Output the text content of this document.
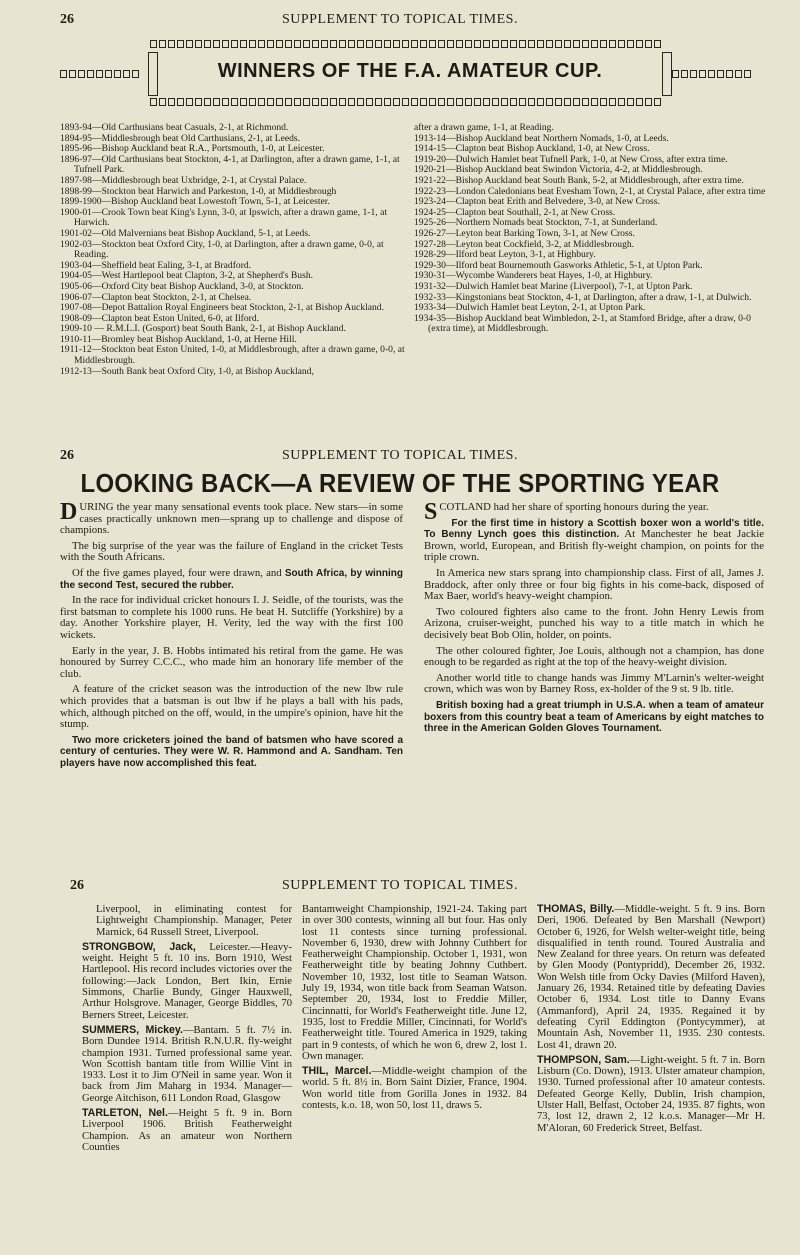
26	SUPPLEMENT TO TOPICAL TIMES.
WINNERS OF THE F.A. AMATEUR CUP.

1893-94—Old Carthusians beat Casuals, 2-1, at Richmond.

1894-95—Middlesbrough beat Old Carthusians, 2-1, at Leeds.

1895-96—Bishop Auckland beat R.A., Portsmouth, 1-0, at Leicester.

1896-97—Old Carthusians beat Stockton, 4-1, at Darlington, after a drawn game, 1-1, at Tufnell Park.

1897-98—Middlesbrough beat Uxbridge, 2-1, at Crystal Palace.

1898-99—Stockton beat Harwich and Parkeston, 1-0, at Middlesbrough

1899-1900—Bishop Auckland beat Lowestoft Town, 5-1, at Leicester.

1900-01—Crook Town beat King's Lynn, 3-0, at Ipswich, after a drawn game, 1-1, at Harwich.

1901-02—Old Malvernians beat Bishop Auckland, 5-1, at Leeds.

1902-03—Stockton beat Oxford City, 1-0, at Darlington, after a drawn game, 0-0, at Reading.

1903-04—Sheffield beat Ealing, 3-1, at Bradford.

1904-05—West Hartlepool beat Clapton, 3-2, at Shepherd's Bush.

1905-06—Oxford City beat Bishop Auckland, 3-0, at Stockton.

1906-07—Clapton beat Stockton, 2-1, at Chelsea.

1907-08—Depot Battalion Royal Engineers beat Stockton, 2-1, at Bishop Auckland.

1908-09—Clapton beat Eston United, 6-0, at Ilford.

1909-10 — R.M.L.I. (Gosport) beat South Bank, 2-1, at Bishop Auckland.

1910-11—Bromley beat Bishop Auckland, 1-0, at Herne Hill.

1911-12—Stockton beat Eston United, 1-0, at Middlesbrough, after a drawn game, 0-0, at Middlesbrough.

1912-13—South Bank beat Oxford City, 1-0, at Bishop Auckland,

after a drawn game, 1-1, at Reading.

1913-14—Bishop Auckland beat Northern Nomads, 1-0, at Leeds.

1914-15—Clapton beat Bishop Auckland, 1-0, at New Cross.

1919-20—Dulwich Hamlet beat Tufnell Park, 1-0, at New Cross, after extra time.

1920-21—Bishop Auckland beat Swindon Victoria, 4-2, at Middlesbrough.

1921-22—Bishop Auckland beat South Bank, 5-2, at Middlesbrough, after extra time.

1922-23—London Caledonians beat Evesham Town, 2-1, at Crystal Palace, after extra time

1923-24—Clapton beat Erith and Belvedere, 3-0, at New Cross.

1924-25—Clapton beat Southall, 2-1, at New Cross.

1925-26—Northern Nomads beat Stockton, 7-1, at Sunderland.

1926-27—Leyton beat Barking Town, 3-1, at New Cross.

1927-28—Leyton beat Cockfield, 3-2, at Middlesbrough.

1928-29—Ilford beat Leyton, 3-1, at Highbury.

1929-30—Ilford beat Bournemouth Gasworks Athletic, 5-1, at Upton Park.

1930-31—Wycombe Wanderers beat Hayes, 1-0, at Highbury.

1931-32—Dulwich Hamlet beat Marine (Liverpool), 7-1, at Upton Park.

1932-33—Kingstonians beat Stockton, 4-1, at Darlington, after a draw, 1-1, at Dulwich.

1933-34—Dulwich Hamlet beat Leyton, 2-1, at Upton Park.

1934-35—Bishop Auckland beat Wimbledon, 2-1, at Stamford Bridge, after a draw, 0-0 (extra time), at Middlesbrough.

26	SUPPLEMENT TO TOPICAL TIMES.
LOOKING BACK—A REVIEW OF THE SPORTING YEAR

DURING the year many sensational events took place. New stars—in some cases practically unknown men—sprang up to challenge and dispose of champions.

The big surprise of the year was the failure of England in the cricket Tests with the South Africans.

Of the five games played, four were drawn, and South Africa, by winning the second Test, secured the rubber.

In the race for individual cricket honours I. J. Seidle, of the tourists, was the first batsman to complete his 1000 runs. He beat H. Sutcliffe (Yorkshire) by a day. Another Yorkshire player, H. Verity, led the way with the first 100 wickets.

Early in the year, J. B. Hobbs intimated his retiral from the game. He was honoured by Surrey C.C.C., who made him an honorary life member of the club.

A feature of the cricket season was the introduction of the new lbw rule which provides that a batsman is out lbw if he plays a ball with his pads, which, although pitched on the off, would, in the umpire's opinion, have hit the stump.

Two more cricketers joined the band of batsmen who have scored a century of centuries. They were W. R. Hammond and A. Sandham. Ten players have now accomplished this feat.

SCOTLAND had her share of sporting honours during the year.

For the first time in history a Scottish boxer won a world's title. To Benny Lynch goes this distinction. At Manchester he beat Jackie Brown, world, European, and British fly-weight champion, on points for the triple crown.

In America new stars sprang into championship class. First of all, James J. Braddock, after only three or four big fights in his come-back, disposed of Max Baer, world's heavy-weight champion.

Two coloured fighters also came to the front. John Henry Lewis from Arizona, cruiser-weight, punched his way to a title match in which he decisively beat Bob Olin, holder, on points.

The other coloured fighter, Joe Louis, although not a champion, has done enough to be regarded as right at the top of the heavy-weight division.

Another world title to change hands was Jimmy M'Larnin's welter-weight crown, which was won by Barney Ross, ex-holder of the 9 st. 9 lb. title.

British boxing had a great triumph in U.S.A. when a team of amateur boxers from this country beat a team of Americans by eight matches to three in the American Golden Gloves Tournament.

26	SUPPLEMENT TO TOPICAL TIMES.

Liverpool, in eliminating contest for Lightweight Championship. Manager, Peter Marnick, 64 Russell Street, Liverpool.

STRONGBOW, Jack, Leicester.—Heavy-weight. Height 5 ft. 10 ins. Born 1910, West Hartlepool. His record includes victories over the following:—Jack London, Bert Ikin, Ernie Simmons, Charlie Bundy, Ginger Hauxwell, Arthur Holsgrove. Manager, George Biddles, 70 Berners Street, Leicester.

SUMMERS, Mickey.—Bantam. 5 ft. 7½ in. Born Dundee 1914. British R.N.U.R. fly-weight champion 1931. Turned professional same year. Won Scottish bantam title from Willie Vint in 1933. Lost it to Jim O'Neil in same year. Won it back from Jim Maharg in 1934. Manager—George Aitchison, 611 London Road, Glasgow

TARLETON, Nel.—Height 5 ft. 9 in. Born Liverpool 1906. British Featherweight Champion. As an amateur won Northern Counties

Bantamweight Championship, 1921-24. Taking part in over 300 contests, winning all but four. Has only lost 11 contests since turning professional. November 6, 1930, drew with Johnny Cuthbert for Featherweight Championship. October 1, 1931, won Featherweight title by beating Johnny Cuthbert. November 10, 1932, lost title to Seaman Watson. July 19, 1934, won title back from Seaman Watson. September 20, 1934, lost to Freddie Miller, Cincinnatti, for World's Featherweight title. June 12, 1935, lost to Freddie Miller, Cincinnati, for World's Featherweight title. Toured America in 1929, taking part in 9 contests, of which he won 6, drew 2, lost 1. Own manager.

THIL, Marcel.—Middle-weight champion of the world. 5 ft. 8½ in. Born Saint Dizier, France, 1904. Won world title from Gorilla Jones in 1932. 84 contests, k.o. 18, won 50, lost 11, draws 5.

THOMAS, Billy.—Middle-weight. 5 ft. 9 ins. Born Deri, 1906. Defeated by Ben Marshall (Newport) October 6, 1926, for Welsh welter-weight title, being disqualified in tenth round. Toured Australia and New Zealand for three years. On return was defeated by Glen Moody (Pontypridd), December 26, 1932. Won Welsh title from Ocky Davies (Milford Haven), January 26, 1934. Retained title by defeating Davies October 6, 1934. Lost title to Danny Evans (Ammanford), April 24, 1935. Regained it by defeating Cyril Eddington (Pontycymmer), at Mountain Ash, November 11, 1935. 230 contests. Lost 41, drawn 20.

THOMPSON, Sam.—Light-weight. 5 ft. 7 in. Born Lisburn (Co. Down), 1913. Ulster amateur champion, 1930. Turned professional after 10 amateur contests. Defeated George Kelly, Dublin, Irish champion, Ulster Hall, Belfast, October 24, 1935. 87 fights, won 73, lost 12, drawn 2, 12 k.o.s. Manager—Mr H. M'Aloran, 60 Frederick Street, Belfast.
